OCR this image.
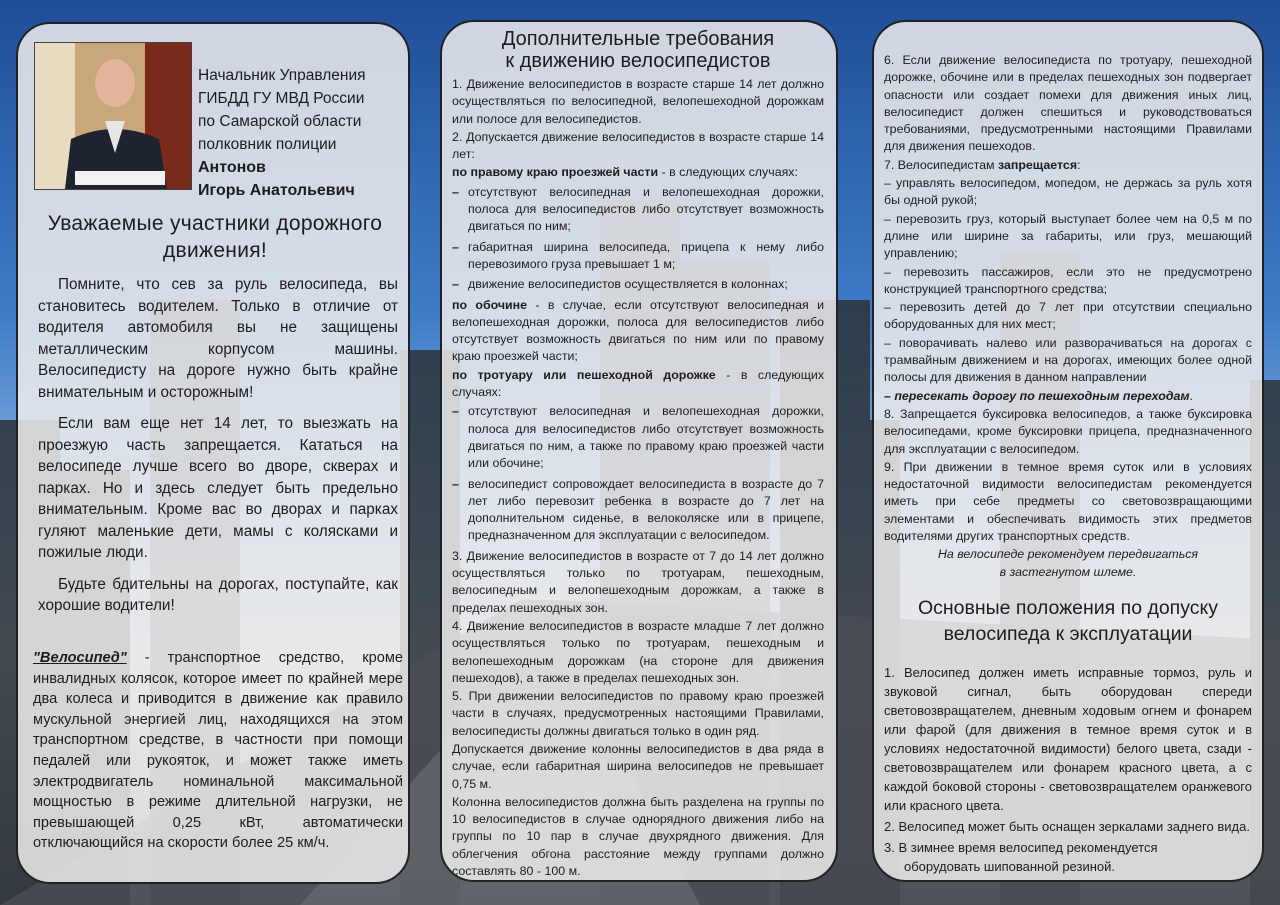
Начальник Управления
ГИБДД ГУ МВД России
по Самарской области
полковник полиции
Антонов
Игорь Анатольевич
Уважаемые участники дорожного
движения!

Помните, что сев за руль велосипеда, вы становитесь водителем. Только в отличие от водителя автомобиля вы не защищены металлическим корпусом машины. Велосипедисту на дороге нужно быть крайне внимательным и осторожным!

Если вам еще нет 14 лет, то выезжать на проезжую часть запрещается. Кататься на велосипеде лучше всего во дворе, скверах и парках. Но и здесь следует быть предельно внимательным. Кроме вас во дворах и парках гуляют маленькие дети, мамы с колясками и пожилые люди.

Будьте бдительны на дорогах, поступайте, как хорошие водители!

"Велосипед" - транспортное средство, кроме инвалидных колясок, которое имеет по крайней мере два колеса и приводится в движение как правило мускульной энергией лиц, находящихся на этом транспортном средстве, в частности при помощи педалей или рукояток, и может также иметь электродвигатель номинальной максимальной мощностью в режиме длительной нагрузки, не превышающей 0,25 кВт, автоматически отключающийся на скорости более 25 км/ч.
Дополнительные требования
к движению велосипедистов

1. Движение велосипедистов в возрасте старше 14 лет должно осуществляться по велосипедной, велопешеходной дорожкам или полосе для велосипедистов.

2. Допускается движение велосипедистов в возрасте старше 14 лет:

по правому краю проезжей части - в следующих случаях:

– отсутствуют велосипедная и велопешеходная дорожки, полоса для велосипедистов либо отсутствует возможность двигаться по ним;
– габаритная ширина велосипеда, прицепа к нему либо перевозимого груза превышает 1 м;
– движение велосипедистов осуществляется в колоннах;

по обочине - в случае, если отсутствуют велосипедная и велопешеходная дорожки, полоса для велосипедистов либо отсутствует возможность двигаться по ним или по правому краю проезжей части;

по тротуару или пешеходной дорожке - в следующих случаях:

– отсутствуют велосипедная и велопешеходная дорожки, полоса для велосипедистов либо отсутствует возможность двигаться по ним, а также по правому краю проезжей части или обочине;
– велосипедист сопровождает велосипедиста в возрасте до 7 лет либо перевозит ребенка в возрасте до 7 лет на дополнительном сиденье, в велоколяске или в прицепе, предназначенном для эксплуатации с велосипедом.

3. Движение велосипедистов в возрасте от 7 до 14 лет должно осуществляться только по тротуарам, пешеходным, велосипедным и велопешеходным дорожкам, а также в пределах пешеходных зон.

4. Движение велосипедистов в возрасте младше 7 лет должно осуществляться только по тротуарам, пешеходным и велопешеходным дорожкам (на стороне для движения пешеходов), а также в пределах пешеходных зон.

5. При движении велосипедистов по правому краю проезжей части в случаях, предусмотренных настоящими Правилами, велосипедисты должны двигаться только в один ряд.

Допускается движение колонны велосипедистов в два ряда в случае, если габаритная ширина велосипедов не превышает 0,75 м.

Колонна велосипедистов должна быть разделена на группы по 10 велосипедистов в случае однорядного движения либо на группы по 10 пар в случае двухрядного движения. Для облегчения обгона расстояние между группами должно составлять 80 - 100 м.

6. Если движение велосипедиста по тротуару, пешеходной дорожке, обочине или в пределах пешеходных зон подвергает опасности или создает помехи для движения иных лиц, велосипедист должен спешиться и руководствоваться требованиями, предусмотренными настоящими Правилами для движения пешеходов.

7. Велосипедистам запрещается:

– управлять велосипедом, мопедом, не держась за руль хотя бы одной рукой;

– перевозить груз, который выступает более чем на 0,5 м по длине или ширине за габариты, или груз, мешающий управлению;

– перевозить пассажиров, если это не предусмотрено конструкцией транспортного средства;

– перевозить детей до 7 лет при отсутствии специально оборудованных для них мест;

– поворачивать налево или разворачиваться на дорогах с трамвайным движением и на дорогах, имеющих более одной полосы для движения в данном направлении

– пересекать дорогу по пешеходным переходам.

8. Запрещается буксировка велосипедов, а также буксировка велосипедами, кроме буксировки прицепа, предназначенного для эксплуатации с велосипедом.

9. При движении в темное время суток или в условиях недостаточной видимости велосипедистам рекомендуется иметь при себе предметы со световозвращающими элементами и обеспечивать видимость этих предметов водителями других транспортных средств.

На велосипеде рекомендуем передвигаться
в застегнутом шлеме.
Основные положения по допуску
велосипеда к эксплуатации

1. Велосипед должен иметь исправные тормоз, руль и звуковой сигнал, быть оборудован спереди световозвращателем, дневным ходовым огнем и фонарем или фарой (для движения в темное время суток и в условиях недостаточной видимости) белого цвета, сзади - световозвращателем или фонарем красного цвета, а с каждой боковой стороны - световозвращателем оранжевого или красного цвета.

2. Велосипед может быть оснащен зеркалами заднего вида.

3. В зимнее время велосипед рекомендуется
оборудовать шипованной резиной.
